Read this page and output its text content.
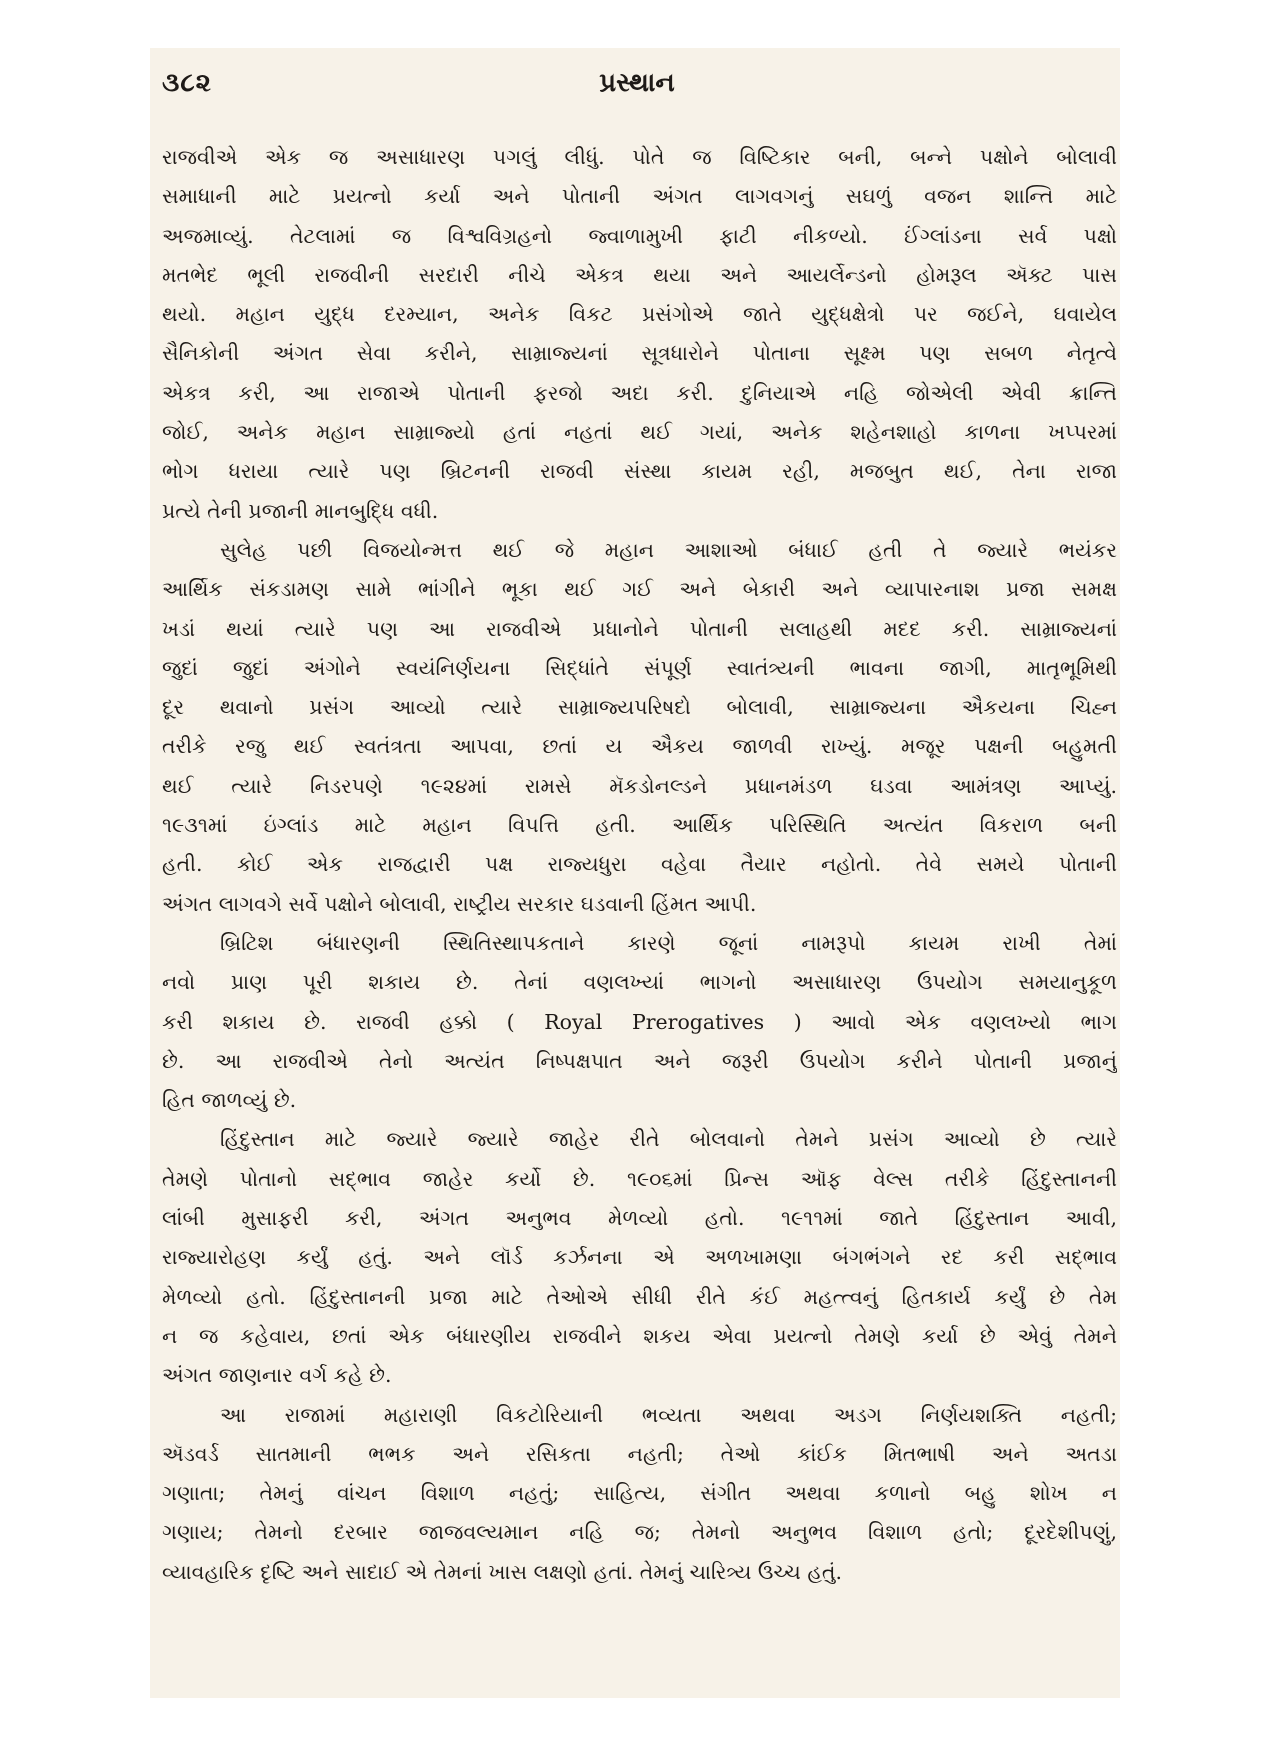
૩૮૨	પ્રસ્થાન
રાજવીએ એક જ અસાધારણ પગલું લીધું. પોતે જ વિષ્ટિકાર બની, બન્ને પક્ષોને બોલાવી
સમાધાની માટે પ્રયત્નો કર્યા અને પોતાની અંગત લાગવગનું સઘળું વજન શાન્તિ માટે
અજમાવ્યું. તેટલામાં જ વિશ્વવિગ્રહનો જ્વાળામુખી ફાટી નીકળ્યો. ઈંગ્લાંડના સર્વ પક્ષો
મતભેદ ભૂલી રાજવીની સરદારી નીચે એકત્ર થયા અને આયર્લેન્ડનો હોમરૂલ ઍક્ટ પાસ
થયો. મહાન યુદ્ધ દરમ્યાન, અનેક વિકટ પ્રસંગોએ જાતે યુદ્ધક્ષેત્રો પર જઈને, ઘવાયેલ
સૈનિકોની અંગત સેવા કરીને, સામ્રાજ્યનાં સૂત્રધારોને પોતાના સૂક્ષ્મ પણ સબળ નેતૃત્વે
એકત્ર કરી, આ રાજાએ પોતાની ફરજો અદા કરી. દુનિયાએ નહિ જોએલી એવી ક્રાન્તિ
જોઈ, અનેક મહાન સામ્રાજ્યો હતાં નહતાં થઈ ગયાં, અનેક શહેનશાહો કાળના ખપ્પરમાં
ભોગ ધરાયા ત્યારે પણ બ્રિટનની રાજવી સંસ્થા કાયમ રહી, મજબુત થઈ, તેના રાજા
પ્રત્યે તેની પ્રજાની માનબુદ્ધિ વધી.
સુલેહ પછી વિજયોન્મત્ત થઈ જે મહાન આશાઓ બંધાઈ હતી તે જ્યારે ભયંકર
આર્થિક સંકડામણ સામે ભાંગીને ભૂકા થઈ ગઈ અને બેકારી અને વ્યાપારનાશ પ્રજા સમક્ષ
ખડાં થયાં ત્યારે પણ આ રાજવીએ પ્રધાનોને પોતાની સલાહથી મદદ કરી. સામ્રાજ્યનાં
જુદાં જુદાં અંગોને સ્વયંનિર્ણયના સિદ્ધાંતે સંપૂર્ણ સ્વાતંત્ર્યની ભાવના જાગી, માતૃભૂમિથી
દૂર થવાનો પ્રસંગ આવ્યો ત્યારે સામ્રાજ્યપરિષદો બોલાવી, સામ્રાજ્યના ઐકયના ચિહ્ન
તરીકે રજુ થઈ સ્વતંત્રતા આપવા, છતાં ય ઐકય જાળવી રાખ્યું. મજૂર પક્ષની બહુમતી
થઈ ત્યારે નિડરપણે ૧૯૨૪માં રામસે મૅકડોનલ્ડને પ્રધાનમંડળ ઘડવા આમંત્રણ આપ્યું.
૧૯૩૧માં ઇંગ્લાંડ માટે મહાન વિપત્તિ હતી. આર્થિક પરિસ્થિતિ અત્યંત વિકરાળ બની
હતી. કોઈ એક રાજદ્વારી પક્ષ રાજ્યધુરા વહેવા તૈયાર નહોતો. તેવે સમયે પોતાની
અંગત લાગવગે સર્વે પક્ષોને બોલાવી, રાષ્ટ્રીય સરકાર ઘડવાની હિંમત આપી.
બ્રિટિશ બંધારણની સ્થિતિસ્થાપકતાને કારણે જૂનાં નામરૂપો કાયમ રાખી તેમાં
નવો પ્રાણ પૂરી શકાય છે. તેનાં વણલખ્યાં ભાગનો અસાધારણ ઉપયોગ સમયાનુકૂળ
કરી શકાય છે. રાજવી હક્કો ( Royal Prerogatives ) આવો એક વણલખ્યો ભાગ
છે. આ રાજવીએ તેનો અત્યંત નિષ્પક્ષપાત અને જરૂરી ઉપયોગ કરીને પોતાની પ્રજાનું
હિત જાળવ્યું છે.
હિંદુસ્તાન માટે જ્યારે જ્યારે જાહેર રીતે બોલવાનો તેમને પ્રસંગ આવ્યો છે ત્યારે
તેમણે પોતાનો સદ્ભાવ જાહેર કર્યો છે. ૧૯૦૬માં પ્રિન્સ ઑફ વેલ્સ તરીકે હિંદુસ્તાનની
લાંબી મુસાફરી કરી, અંગત અનુભવ મેળવ્યો હતો. ૧૯૧૧માં જાતે હિંદુસ્તાન આવી,
રાજ્યારોહણ કર્યું હતું. અને લૉર્ડ કર્ઝનના એ અળખામણા બંગભંગને રદ કરી સદ્ભાવ
મેળવ્યો હતો. હિંદુસ્તાનની પ્રજા માટે તેઓએ સીધી રીતે કંઈ મહત્ત્વનું હિતકાર્ય કર્યું છે તેમ
ન જ કહેવાય, છતાં એક બંધારણીય રાજવીને શકય એવા પ્રયત્નો તેમણે કર્યા છે એવું તેમને
અંગત જાણનાર વર્ગ કહે છે.
આ રાજામાં મહારાણી વિકટોરિયાની ભવ્યતા અથવા અડગ નિર્ણયશક્તિ નહતી;
ઍડવર્ડ સાતમાની ભભક અને રસિકતા નહતી; તેઓ કાંઈક મિતભાષી અને અતડા
ગણાતા; તેમનું વાંચન વિશાળ નહતું; સાહિત્ય, સંગીત અથવા કળાનો બહુ શોખ ન
ગણાય; તેમનો દરબાર જાજવલ્યમાન નહિ જ; તેમનો અનુભવ વિશાળ હતો; દૂરદેશીપણું,
વ્યાવહારિક દૃષ્ટિ અને સાદાઈ એ તેમનાં ખાસ લક્ષણો હતાં. તેમનું ચારિત્ર્ય ઉચ્ચ હતું.
